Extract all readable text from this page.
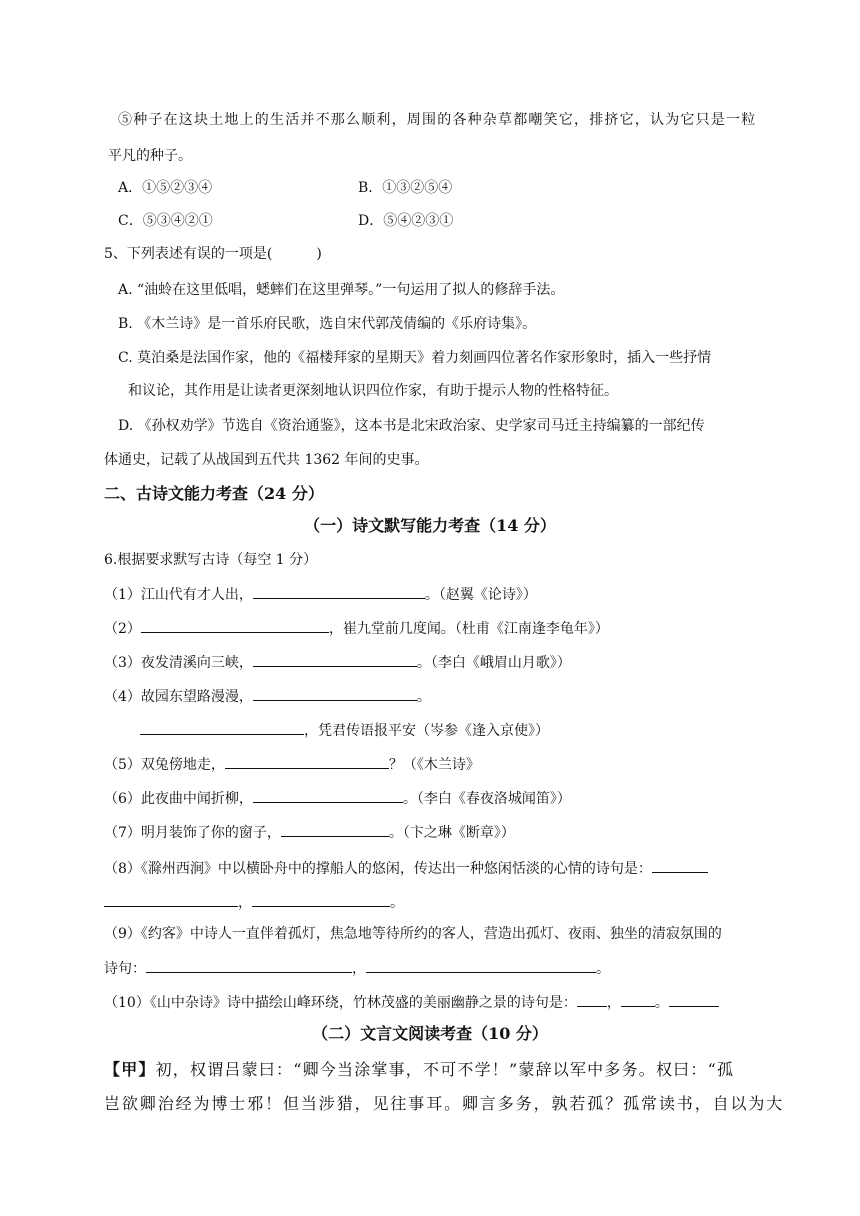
⑤种子在这块土地上的生活并不那么顺利，周围的各种杂草都嘲笑它，排挤它，认为它只是一粒
平凡的种子。
A．①⑤②③④	B．①③②⑤④
C．⑤③④②①	D．⑤④②③①
5、下列表述有误的一项是(	)
A. “油蛉在这里低唱，蟋蟀们在这里弹琴。”一句运用了拟人的修辞手法。
B. 《木兰诗》是一首乐府民歌，选自宋代郭茂倩编的《乐府诗集》。
C. 莫泊桑是法国作家，他的《福楼拜家的星期天》着力刻画四位著名作家形象时，插入一些抒情
和议论，其作用是让读者更深刻地认识四位作家，有助于提示人物的性格特征。
D. 《孙权劝学》节选自《资治通鉴》，这本书是北宋政治家、史学家司马迁主持编纂的一部纪传
体通史，记载了从战国到五代共 1362 年间的史事。
二、古诗文能力考查（24 分）
（一）诗文默写能力考查（14 分）
6.根据要求默写古诗（每空 1 分）
（1）江山代有才人出，	。（赵翼《论诗》）
（2）	，崔九堂前几度闻。（杜甫《江南逢李龟年》）
（3）夜发清溪向三峡，	。（李白《峨眉山月歌》）
（4）故园东望路漫漫，	。
，凭君传语报平安（岑参《逢入京使》）
（5）双兔傍地走，	？（《木兰诗》
（6）此夜曲中闻折柳，	。（李白《春夜洛城闻笛》）
（7）明月装饰了你的窗子，	。（卞之琳《断章》）
（8）《滁州西涧》中以横卧舟中的撑船人的悠闲，传达出一种悠闲恬淡的心情的诗句是：
，	。
（9）《约客》中诗人一直伴着孤灯，焦急地等待所约的客人，营造出孤灯、夜雨、独坐的清寂氛围的
诗句：	，	。
（10）《山中杂诗》诗中描绘山峰环绕，竹林茂盛的美丽幽静之景的诗句是： ， 。
（二）文言文阅读考查（10 分）
【甲】初，权谓吕蒙曰：“卿今当涂掌事，不可不学！”蒙辞以军中多务。权曰：“孤
岂欲卿治经为博士邪！但当涉猎，见往事耳。卿言多务，孰若孤？孤常读书，自以为大
